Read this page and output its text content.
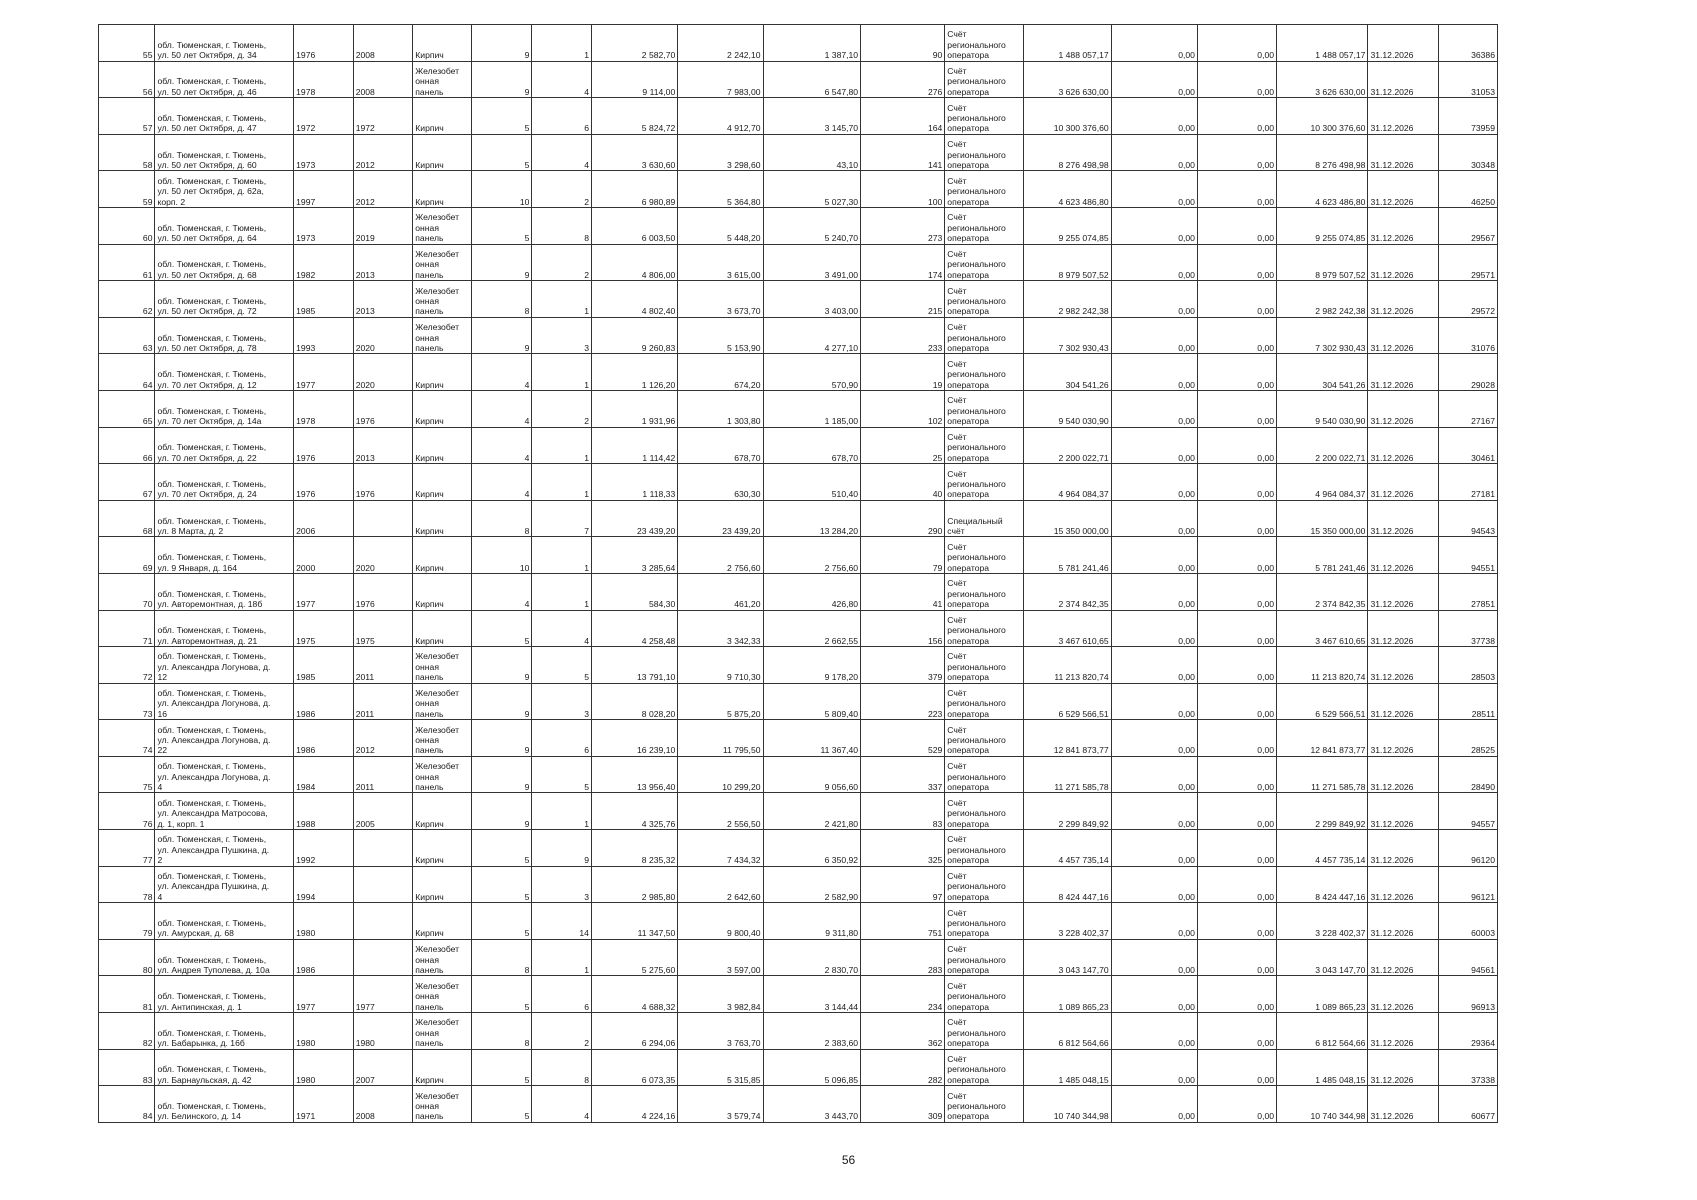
55	обл. Тюменская, г. Тюмень,
ул. 50 лет Октября, д. 34	1976	2008	Кирпич	9	1	2 582,70	2 242,10	1 387,10	90	Счёт
регионального
оператора	1 488 057,17	0,00	0,00	1 488 057,17	31.12.2026	36386
56	обл. Тюменская, г. Тюмень,
ул. 50 лет Октября, д. 46	1978	2008	Железобет
онная
панель	9	4	9 114,00	7 983,00	6 547,80	276	Счёт
регионального
оператора	3 626 630,00	0,00	0,00	3 626 630,00	31.12.2026	31053
57	обл. Тюменская, г. Тюмень,
ул. 50 лет Октября, д. 47	1972	1972	Кирпич	5	6	5 824,72	4 912,70	3 145,70	164	Счёт
регионального
оператора	10 300 376,60	0,00	0,00	10 300 376,60	31.12.2026	73959
58	обл. Тюменская, г. Тюмень,
ул. 50 лет Октября, д. 60	1973	2012	Кирпич	5	4	3 630,60	3 298,60	43,10	141	Счёт
регионального
оператора	8 276 498,98	0,00	0,00	8 276 498,98	31.12.2026	30348
59	обл. Тюменская, г. Тюмень,
ул. 50 лет Октября, д. 62а,
корп. 2	1997	2012	Кирпич	10	2	6 980,89	5 364,80	5 027,30	100	Счёт
регионального
оператора	4 623 486,80	0,00	0,00	4 623 486,80	31.12.2026	46250
60	обл. Тюменская, г. Тюмень,
ул. 50 лет Октября, д. 64	1973	2019	Железобет
онная
панель	5	8	6 003,50	5 448,20	5 240,70	273	Счёт
регионального
оператора	9 255 074,85	0,00	0,00	9 255 074,85	31.12.2026	29567
61	обл. Тюменская, г. Тюмень,
ул. 50 лет Октября, д. 68	1982	2013	Железобет
онная
панель	9	2	4 806,00	3 615,00	3 491,00	174	Счёт
регионального
оператора	8 979 507,52	0,00	0,00	8 979 507,52	31.12.2026	29571
62	обл. Тюменская, г. Тюмень,
ул. 50 лет Октября, д. 72	1985	2013	Железобет
онная
панель	8	1	4 802,40	3 673,70	3 403,00	215	Счёт
регионального
оператора	2 982 242,38	0,00	0,00	2 982 242,38	31.12.2026	29572
63	обл. Тюменская, г. Тюмень,
ул. 50 лет Октября, д. 78	1993	2020	Железобет
онная
панель	9	3	9 260,83	5 153,90	4 277,10	233	Счёт
регионального
оператора	7 302 930,43	0,00	0,00	7 302 930,43	31.12.2026	31076
64	обл. Тюменская, г. Тюмень,
ул. 70 лет Октября, д. 12	1977	2020	Кирпич	4	1	1 126,20	674,20	570,90	19	Счёт
регионального
оператора	304 541,26	0,00	0,00	304 541,26	31.12.2026	29028
65	обл. Тюменская, г. Тюмень,
ул. 70 лет Октября, д. 14а	1978	1976	Кирпич	4	2	1 931,96	1 303,80	1 185,00	102	Счёт
регионального
оператора	9 540 030,90	0,00	0,00	9 540 030,90	31.12.2026	27167
66	обл. Тюменская, г. Тюмень,
ул. 70 лет Октября, д. 22	1976	2013	Кирпич	4	1	1 114,42	678,70	678,70	25	Счёт
регионального
оператора	2 200 022,71	0,00	0,00	2 200 022,71	31.12.2026	30461
67	обл. Тюменская, г. Тюмень,
ул. 70 лет Октября, д. 24	1976	1976	Кирпич	4	1	1 118,33	630,30	510,40	40	Счёт
регионального
оператора	4 964 084,37	0,00	0,00	4 964 084,37	31.12.2026	27181
68	обл. Тюменская, г. Тюмень,
ул. 8 Марта, д. 2	2006		Кирпич	8	7	23 439,20	23 439,20	13 284,20	290	Специальный
счёт	15 350 000,00	0,00	0,00	15 350 000,00	31.12.2026	94543
69	обл. Тюменская, г. Тюмень,
ул. 9 Января, д. 164	2000	2020	Кирпич	10	1	3 285,64	2 756,60	2 756,60	79	Счёт
регионального
оператора	5 781 241,46	0,00	0,00	5 781 241,46	31.12.2026	94551
70	обл. Тюменская, г. Тюмень,
ул. Авторемонтная, д. 18б	1977	1976	Кирпич	4	1	584,30	461,20	426,80	41	Счёт
регионального
оператора	2 374 842,35	0,00	0,00	2 374 842,35	31.12.2026	27851
71	обл. Тюменская, г. Тюмень,
ул. Авторемонтная, д. 21	1975	1975	Кирпич	5	4	4 258,48	3 342,33	2 662,55	156	Счёт
регионального
оператора	3 467 610,65	0,00	0,00	3 467 610,65	31.12.2026	37738
72	обл. Тюменская, г. Тюмень,
ул. Александра Логунова, д.
12	1985	2011	Железобет
онная
панель	9	5	13 791,10	9 710,30	9 178,20	379	Счёт
регионального
оператора	11 213 820,74	0,00	0,00	11 213 820,74	31.12.2026	28503
73	обл. Тюменская, г. Тюмень,
ул. Александра Логунова, д.
16	1986	2011	Железобет
онная
панель	9	3	8 028,20	5 875,20	5 809,40	223	Счёт
регионального
оператора	6 529 566,51	0,00	0,00	6 529 566,51	31.12.2026	28511
74	обл. Тюменская, г. Тюмень,
ул. Александра Логунова, д.
22	1986	2012	Железобет
онная
панель	9	6	16 239,10	11 795,50	11 367,40	529	Счёт
регионального
оператора	12 841 873,77	0,00	0,00	12 841 873,77	31.12.2026	28525
75	обл. Тюменская, г. Тюмень,
ул. Александра Логунова, д.
4	1984	2011	Железобет
онная
панель	9	5	13 956,40	10 299,20	9 056,60	337	Счёт
регионального
оператора	11 271 585,78	0,00	0,00	11 271 585,78	31.12.2026	28490
76	обл. Тюменская, г. Тюмень,
ул. Александра Матросова,
д. 1, корп. 1	1988	2005	Кирпич	9	1	4 325,76	2 556,50	2 421,80	83	Счёт
регионального
оператора	2 299 849,92	0,00	0,00	2 299 849,92	31.12.2026	94557
77	обл. Тюменская, г. Тюмень,
ул. Александра Пушкина, д.
2	1992		Кирпич	5	9	8 235,32	7 434,32	6 350,92	325	Счёт
регионального
оператора	4 457 735,14	0,00	0,00	4 457 735,14	31.12.2026	96120
78	обл. Тюменская, г. Тюмень,
ул. Александра Пушкина, д.
4	1994		Кирпич	5	3	2 985,80	2 642,60	2 582,90	97	Счёт
регионального
оператора	8 424 447,16	0,00	0,00	8 424 447,16	31.12.2026	96121
79	обл. Тюменская, г. Тюмень,
ул. Амурская, д. 68	1980		Кирпич	5	14	11 347,50	9 800,40	9 311,80	751	Счёт
регионального
оператора	3 228 402,37	0,00	0,00	3 228 402,37	31.12.2026	60003
80	обл. Тюменская, г. Тюмень,
ул. Андрея Туполева, д. 10а	1986		Железобет
онная
панель	8	1	5 275,60	3 597,00	2 830,70	283	Счёт
регионального
оператора	3 043 147,70	0,00	0,00	3 043 147,70	31.12.2026	94561
81	обл. Тюменская, г. Тюмень,
ул. Антипинская, д. 1	1977	1977	Железобет
онная
панель	5	6	4 688,32	3 982,84	3 144,44	234	Счёт
регионального
оператора	1 089 865,23	0,00	0,00	1 089 865,23	31.12.2026	96913
82	обл. Тюменская, г. Тюмень,
ул. Бабарынка, д. 16б	1980	1980	Железобет
онная
панель	8	2	6 294,06	3 763,70	2 383,60	362	Счёт
регионального
оператора	6 812 564,66	0,00	0,00	6 812 564,66	31.12.2026	29364
83	обл. Тюменская, г. Тюмень,
ул. Барнаульская, д. 42	1980	2007	Кирпич	5	8	6 073,35	5 315,85	5 096,85	282	Счёт
регионального
оператора	1 485 048,15	0,00	0,00	1 485 048,15	31.12.2026	37338
84	обл. Тюменская, г. Тюмень,
ул. Белинского, д. 14	1971	2008	Железобет
онная
панель	5	4	4 224,16	3 579,74	3 443,70	309	Счёт
регионального
оператора	10 740 344,98	0,00	0,00	10 740 344,98	31.12.2026	60677
56
